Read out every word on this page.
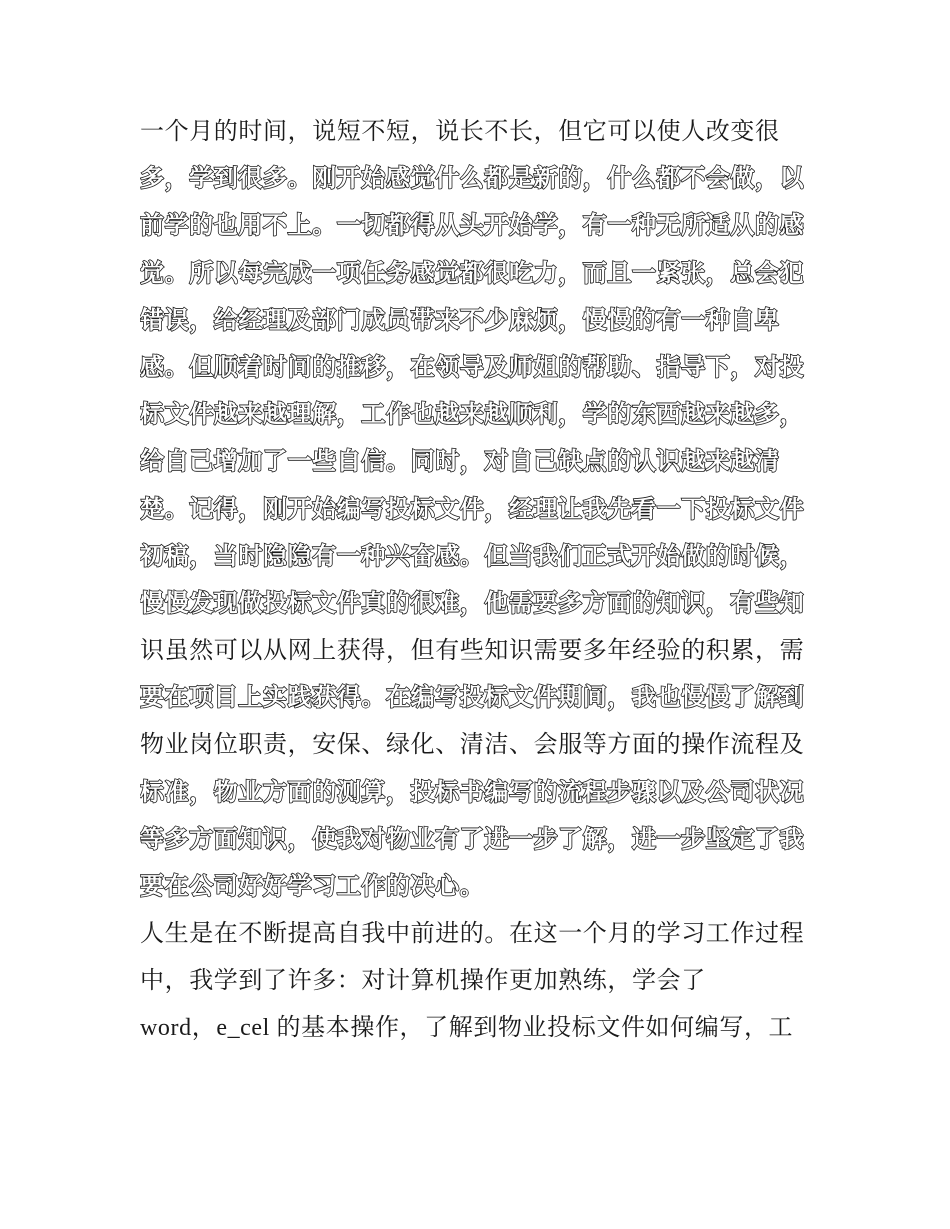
一个月的时间，说短不短，说长不长，但它可以使人改变很
多，学到很多。刚开始感觉什么都是新的，什么都不会做，以
前学的也用不上。一切都得从头开始学，有一种无所适从的感
觉。所以每完成一项任务感觉都很吃力，而且一紧张，总会犯
错误，给经理及部门成员带来不少麻烦，慢慢的有一种自卑
感。但顺着时间的推移，在领导及师姐的帮助、指导下，对投
标文件越来越理解，工作也越来越顺利，学的东西越来越多，
给自己增加了一些自信。同时，对自己缺点的认识越来越清
楚。记得，刚开始编写投标文件，经理让我先看一下投标文件
初稿，当时隐隐有一种兴奋感。但当我们正式开始做的时候，
慢慢发现做投标文件真的很难，他需要多方面的知识，有些知
识虽然可以从网上获得，但有些知识需要多年经验的积累，需
要在项目上实践获得。在编写投标文件期间，我也慢慢了解到
物业岗位职责，安保、绿化、清洁、会服等方面的操作流程及
标准，物业方面的测算，投标书编写的流程步骤以及公司状况
等多方面知识，使我对物业有了进一步了解，进一步坚定了我
要在公司好好学习工作的决心。
人生是在不断提高自我中前进的。在这一个月的学习工作过程
中，我学到了许多：对计算机操作更加熟练，学会了
word，e_cel 的基本操作，了解到物业投标文件如何编写，工
